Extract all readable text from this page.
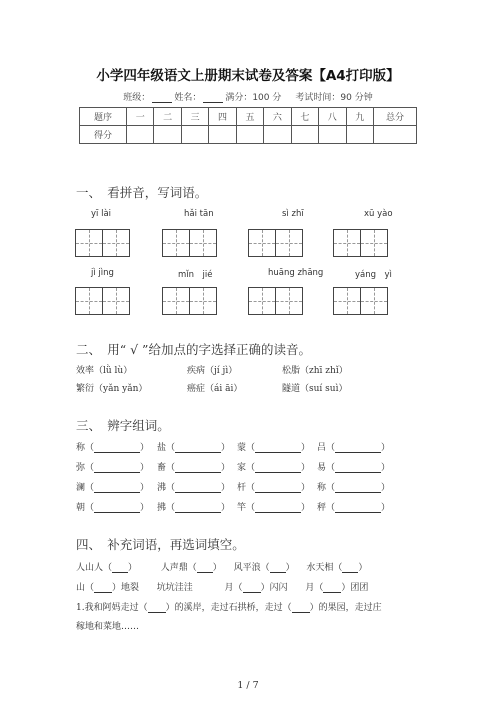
小学四年级语文上册期末试卷及答案【A4打印版】
班级：	姓名：	满分：100 分 考试时间：90 分钟
题序	一	二	三	四	五	六	七	八	九	总分
得分										
一、　看拼音，写词语。
yī lài	hǎi tān	sì zhī	xū yào
jì jìng	mǐn　jié	huāng zhāng	yáng　yì
二、　用“ √ ”给加点的字选择正确的读音。
效率（lǜ lù）	疾病（jí jì）	松脂（zhī zhǐ）
繁衍（yǎn yǎn）	癌症（ái āi）	隧道（suí suì）
三、　辨字组词。
称（	） 盐（	） 蒙（	） 吕（	）
弥（	） 畜（	） 家（	） 易（	）
澜（	） 沸（	） 杆（	） 称（	）
朝（	） 拂（	） 竿（	） 秤（	）
四、　补充词语，再选词填空。
人山人（ ）	人声鼎（ ） 风平浪（ ） 水天相（ ）
山（ ）地裂 坑坑洼洼	月（ ）闪闪 月（ ）团团
1.我和阿妈走过（ ）的溪岸，走过石拱桥，走过（ ）的果园，走过庄
稼地和菜地……
1 / 7
